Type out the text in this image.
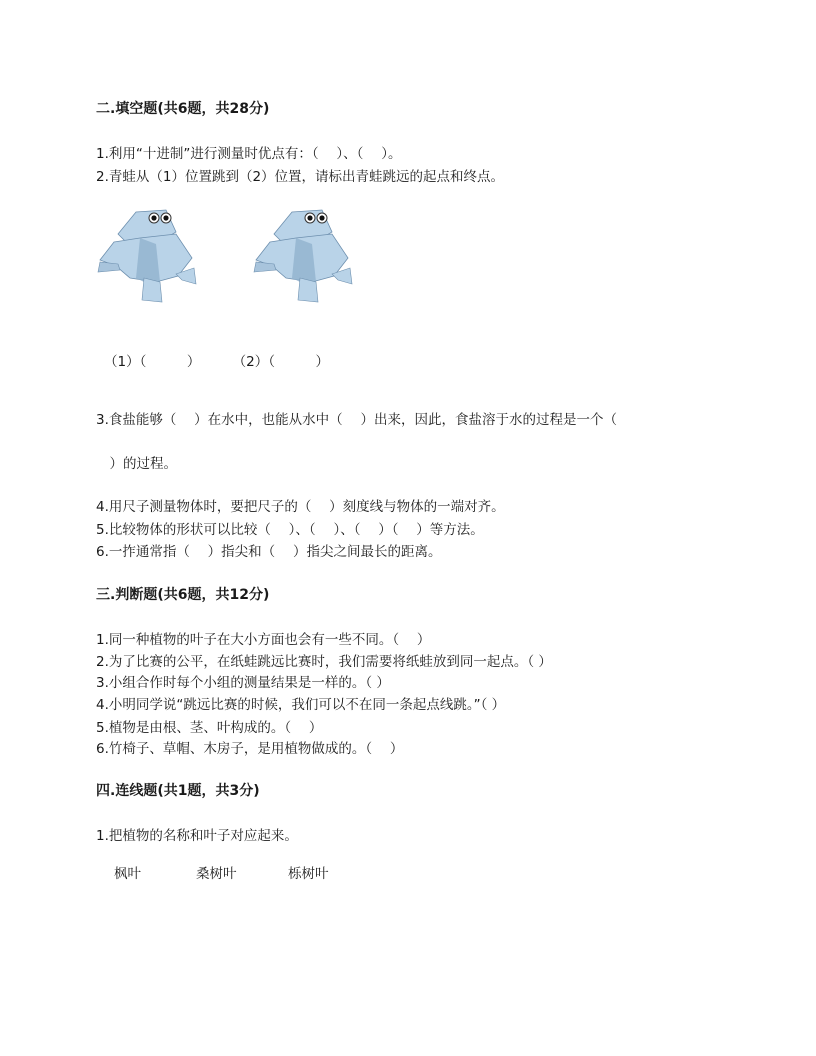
二.填空题(共6题，共28分)
1.利用“十进制”进行测量时优点有：（　 ）、（　 ）。
2.青蛙从（1）位置跳到（2）位置，请标出青蛙跳远的起点和终点。
（1）（　　　） （2）（　　　）
3.食盐能够（　 ）在水中，也能从水中（　 ）出来，因此，食盐溶于水的过程是一个（
　）的过程。
4.用尺子测量物体时，要把尺子的（　 ）刻度线与物体的一端对齐。
5.比较物体的形状可以比较（　 ）、（　 ）、（　 ）（　 ）等方法。
6.一拃通常指（　 ）指尖和（　 ）指尖之间最长的距离。
三.判断题(共6题，共12分)
1.同一种植物的叶子在大小方面也会有一些不同。（　 ）
2.为了比赛的公平，在纸蛙跳远比赛时，我们需要将纸蛙放到同一起点。（ ）
3.小组合作时每个小组的测量结果是一样的。（ ）
4.小明同学说“跳远比赛的时候，我们可以不在同一条起点线跳。”（ ）
5.植物是由根、茎、叶构成的。（　 ）
6.竹椅子、草帽、木房子，是用植物做成的。（　 ）
四.连线题(共1题，共3分)
1.把植物的名称和叶子对应起来。
枫叶	桑树叶	栎树叶
